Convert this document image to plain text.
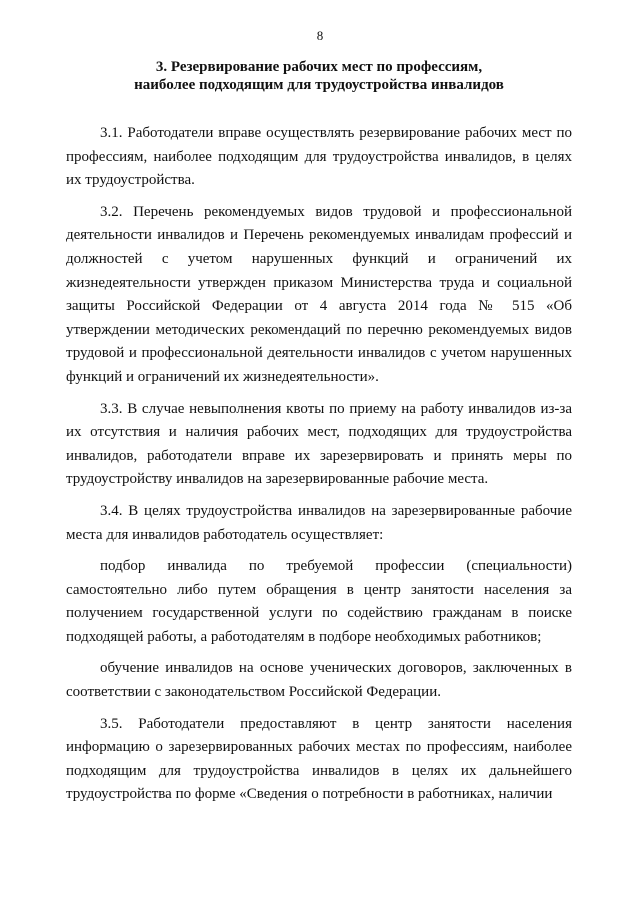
8
3. Резервирование рабочих мест по профессиям,
наиболее подходящим для трудоустройства инвалидов

3.1. Работодатели вправе осуществлять резервирование рабочих мест по профессиям, наиболее подходящим для трудоустройства инвалидов, в целях их трудоустройства.

3.2. Перечень рекомендуемых видов трудовой и профессиональной деятельности инвалидов и Перечень рекомендуемых инвалидам профессий и должностей с учетом нарушенных функций и ограничений их жизнедеятельности утвержден приказом Министерства труда и социальной защиты Российской Федерации от 4 августа 2014 года № 515 «Об утверждении методических рекомендаций по перечню рекомендуемых видов трудовой и профессиональной деятельности инвалидов с учетом нарушенных функций и ограничений их жизнедеятельности».

3.3. В случае невыполнения квоты по приему на работу инвалидов из-за их отсутствия и наличия рабочих мест, подходящих для трудоустройства инвалидов, работодатели вправе их зарезервировать и принять меры по трудоустройству инвалидов на зарезервированные рабочие места.

3.4. В целях трудоустройства инвалидов на зарезервированные рабочие места для инвалидов работодатель осуществляет:

подбор инвалида по требуемой профессии (специальности) самостоятельно либо путем обращения в центр занятости населения за получением государственной услуги по содействию гражданам в поиске подходящей работы, а работодателям в подборе необходимых работников;

обучение инвалидов на основе ученических договоров, заключенных в соответствии с законодательством Российской Федерации.

3.5. Работодатели предоставляют в центр занятости населения информацию о зарезервированных рабочих местах по профессиям, наиболее подходящим для трудоустройства инвалидов в целях их дальнейшего трудоустройства по форме «Сведения о потребности в работниках, наличии
